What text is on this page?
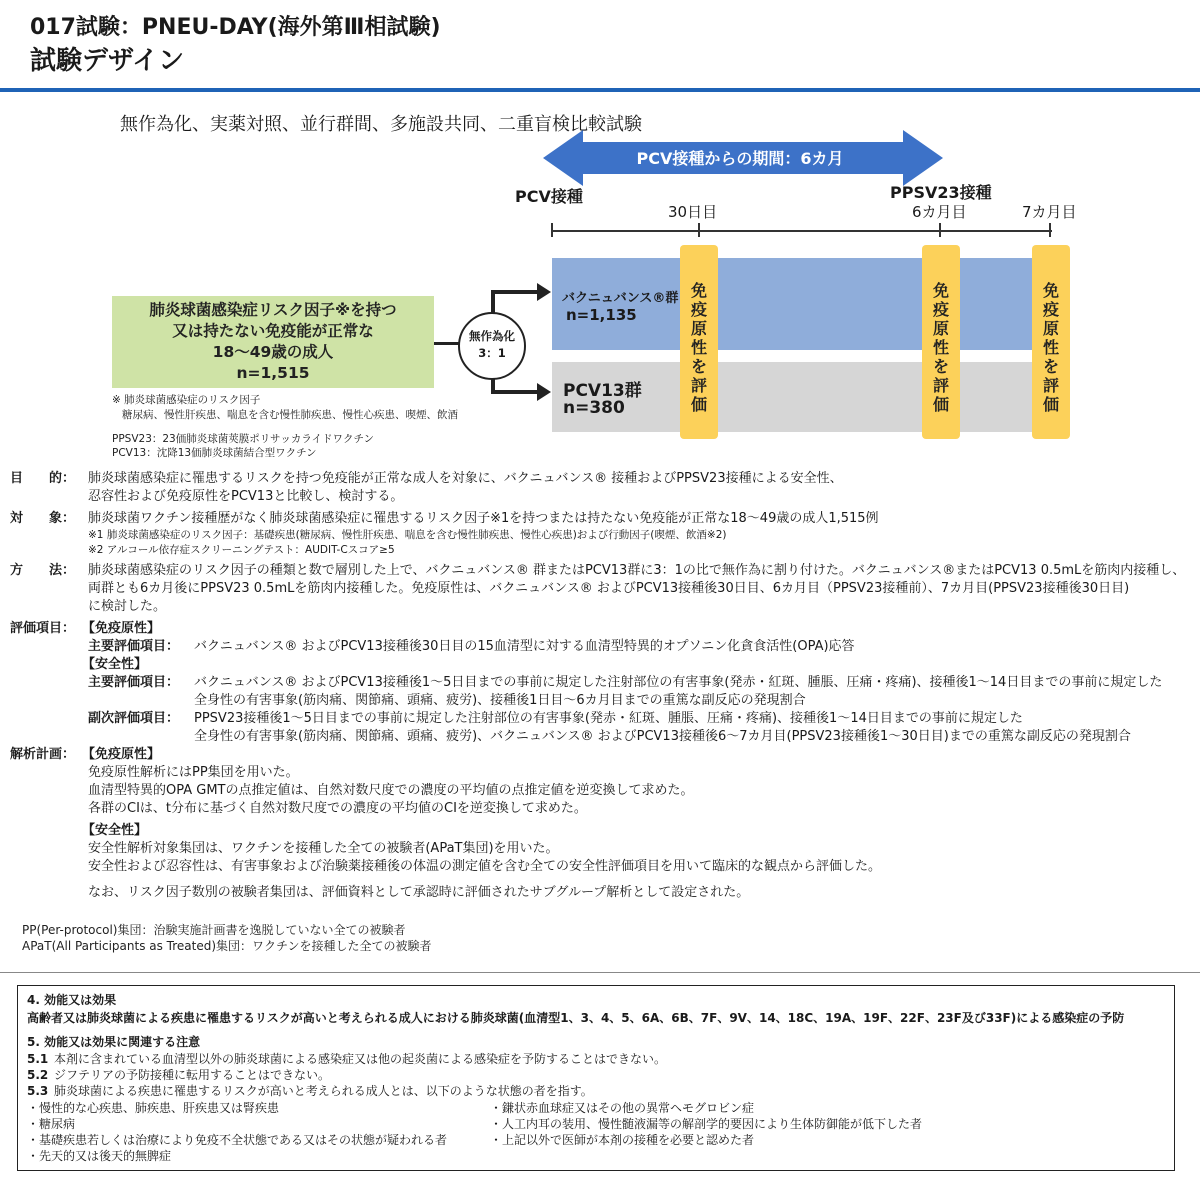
017試験：PNEU-DAY(海外第Ⅲ相試験)
試験デザイン
無作為化、実薬対照、並行群間、多施設共同、二重盲検比較試験
PCV接種からの期間：6カ月
PCV接種	PPSV23接種
30日目	6カ月目	7カ月目
バクニュバンス®群
n=1,135
PCV13群
n=380
免疫原性を評価
免疫原性を評価
免疫原性を評価
肺炎球菌感染症リスク因子※を持つ
又は持たない免疫能が正常な
18〜49歳の成人
n=1,515
無作為化
3：1
※ 肺炎球菌感染症のリスク因子
糖尿病、慢性肝疾患、喘息を含む慢性肺疾患、慢性心疾患、喫煙、飲酒
PPSV23：23価肺炎球菌莢膜ポリサッカライドワクチン
PCV13：沈降13価肺炎球菌結合型ワクチン
目　　的： 肺炎球菌感染症に罹患するリスクを持つ免疫能が正常な成人を対象に、バクニュバンス® 接種およびPPSV23接種による安全性、
忍容性および免疫原性をPCV13と比較し、検討する。
対　　象： 肺炎球菌ワクチン接種歴がなく肺炎球菌感染症に罹患するリスク因子※1を持つまたは持たない免疫能が正常な18〜49歳の成人1,515例
※1 肺炎球菌感染症のリスク因子：基礎疾患(糖尿病、慢性肝疾患、喘息を含む慢性肺疾患、慢性心疾患)および行動因子(喫煙、飲酒※2)
※2 アルコール依存症スクリーニングテスト：AUDIT-Cスコア≥5
方　　法： 肺炎球菌感染症のリスク因子の種類と数で層別した上で、バクニュバンス® 群またはPCV13群に3：1の比で無作為に割り付けた。バクニュバンス®またはPCV13 0.5mLを筋肉内接種し、
両群とも6カ月後にPPSV23 0.5mLを筋肉内接種した。免疫原性は、バクニュバンス® およびPCV13接種後30日目、6カ月目（PPSV23接種前）、7カ月目(PPSV23接種後30日目)
に検討した。
評価項目： 【免疫原性】
主要評価項目： バクニュバンス® およびPCV13接種後30日目の15血清型に対する血清型特異的オプソニン化貪食活性(OPA)応答
【安全性】
主要評価項目： バクニュバンス® およびPCV13接種後1〜5日目までの事前に規定した注射部位の有害事象(発赤・紅斑、腫脹、圧痛・疼痛)、接種後1〜14日目までの事前に規定した
全身性の有害事象(筋肉痛、関節痛、頭痛、疲労)、接種後1日目〜6カ月目までの重篤な副反応の発現割合
副次評価項目： PPSV23接種後1〜5日目までの事前に規定した注射部位の有害事象(発赤・紅斑、腫脹、圧痛・疼痛)、接種後1〜14日目までの事前に規定した
全身性の有害事象(筋肉痛、関節痛、頭痛、疲労)、バクニュバンス® およびPCV13接種後6〜7カ月目(PPSV23接種後1〜30日目)までの重篤な副反応の発現割合
解析計画： 【免疫原性】
免疫原性解析にはPP集団を用いた。
血清型特異的OPA GMTの点推定値は、自然対数尺度での濃度の平均値の点推定値を逆変換して求めた。
各群のCIは、t分布に基づく自然対数尺度での濃度の平均値のCIを逆変換して求めた。
【安全性】
安全性解析対象集団は、ワクチンを接種した全ての被験者(APaT集団)を用いた。
安全性および忍容性は、有害事象および治験薬接種後の体温の測定値を含む全ての安全性評価項目を用いて臨床的な観点から評価した。
なお、リスク因子数別の被験者集団は、評価資料として承認時に評価されたサブグループ解析として設定された。
PP(Per-protocol)集団：治験実施計画書を逸脱していない全ての被験者
APaT(All Participants as Treated)集団：ワクチンを接種した全ての被験者
4. 効能又は効果
高齢者又は肺炎球菌による疾患に罹患するリスクが高いと考えられる成人における肺炎球菌(血清型1、3、4、5、6A、6B、7F、9V、14、18C、19A、19F、22F、23F及び33F)による感染症の予防
5. 効能又は効果に関連する注意
5.1 本剤に含まれている血清型以外の肺炎球菌による感染症又は他の起炎菌による感染症を予防することはできない。
5.2 ジフテリアの予防接種に転用することはできない。
5.3 肺炎球菌による疾患に罹患するリスクが高いと考えられる成人とは、以下のような状態の者を指す。
・慢性的な心疾患、肺疾患、肝疾患又は腎疾患
・糖尿病
・基礎疾患若しくは治療により免疫不全状態である又はその状態が疑われる者
・先天的又は後天的無脾症
・鎌状赤血球症又はその他の異常ヘモグロビン症
・人工内耳の装用、慢性髄液漏等の解剖学的要因により生体防御能が低下した者
・上記以外で医師が本剤の接種を必要と認めた者
